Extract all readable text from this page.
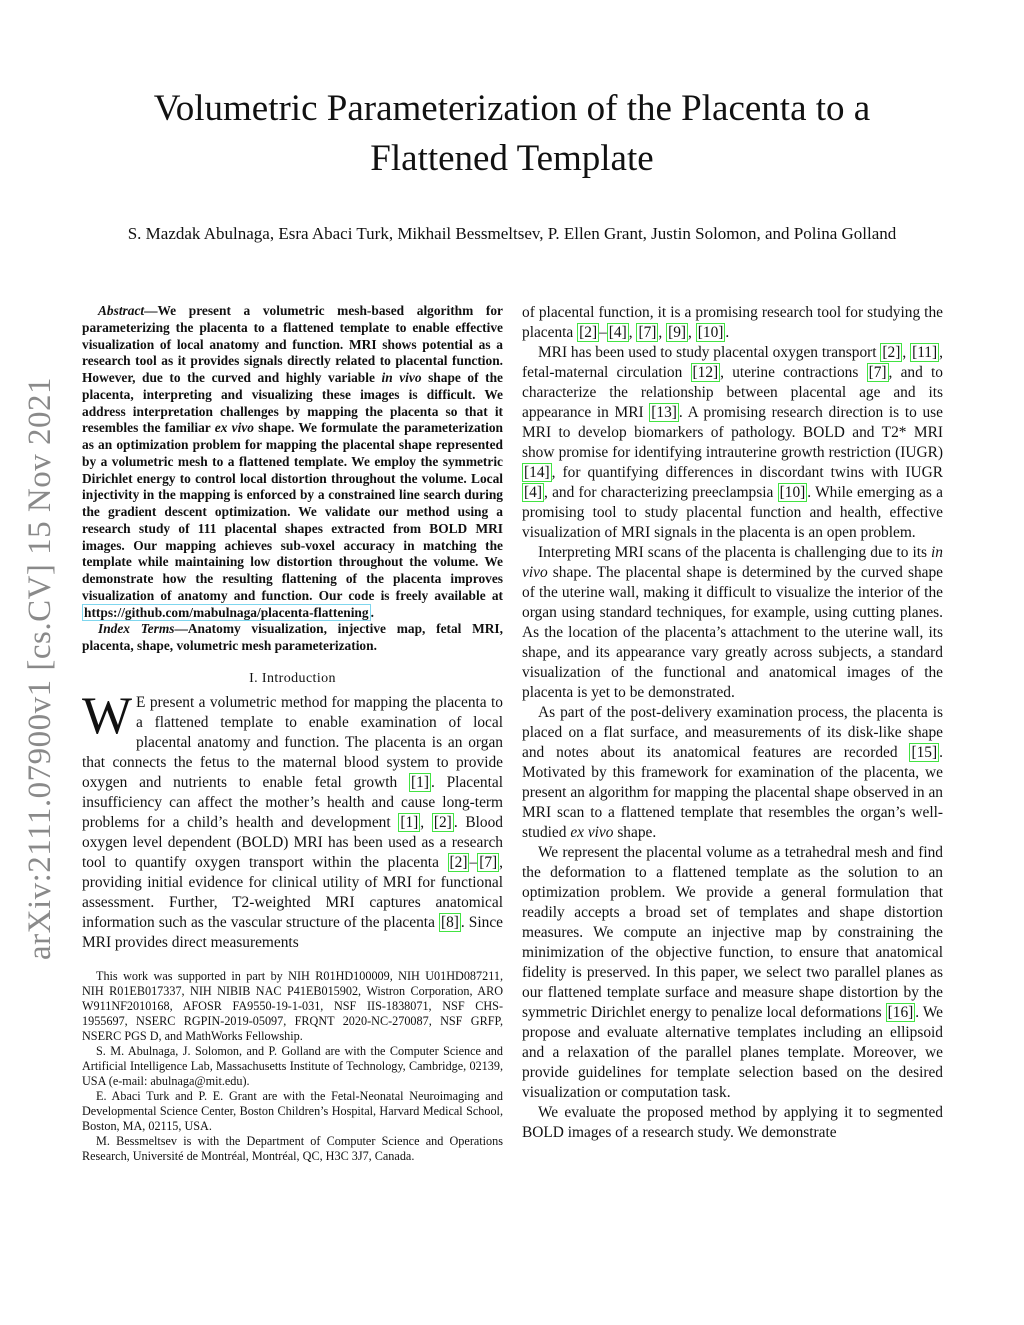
arXiv:2111.07900v1 [cs.CV] 15 Nov 2021
Volumetric Parameterization of the Placenta to a
Flattened Template
S. Mazdak Abulnaga, Esra Abaci Turk, Mikhail Bessmeltsev, P. Ellen Grant, Justin Solomon, and Polina Golland

Abstract—We present a volumetric mesh-based algorithm for parameterizing the placenta to a flattened template to enable effective visualization of local anatomy and function. MRI shows potential as a research tool as it provides signals directly related to placental function. However, due to the curved and highly variable in vivo shape of the placenta, interpreting and visualizing these images is difficult. We address interpretation challenges by mapping the placenta so that it resembles the familiar ex vivo shape. We formulate the parameterization as an optimization problem for mapping the placental shape represented by a volumetric mesh to a flattened template. We employ the symmetric Dirichlet energy to control local distortion throughout the volume. Local injectivity in the mapping is enforced by a constrained line search during the gradient descent optimization. We validate our method using a research study of 111 placental shapes extracted from BOLD MRI images. Our mapping achieves sub-voxel accuracy in matching the template while maintaining low distortion throughout the volume. We demonstrate how the resulting flattening of the placenta improves visualization of anatomy and function. Our code is freely available at https://github.com/mabulnaga/placenta-flattening .

Index Terms—Anatomy visualization, injective map, fetal MRI, placenta, shape, volumetric mesh parameterization.

I. Introduction

W E present a volumetric method for mapping the placenta to a flattened template to enable examination of local placental anatomy and function. The placenta is an organ that connects the fetus to the maternal blood system to provide oxygen and nutrients to enable fetal growth [1] . Placental insufficiency can affect the mother’s health and cause long-term problems for a child’s health and development [1] , [2] . Blood oxygen level dependent (BOLD) MRI has been used as a research tool to quantify oxygen transport within the placenta [2] – [7] , providing initial evidence for clinical utility of MRI for functional assessment. Further, T2-weighted MRI captures anatomical information such as the vascular structure of the placenta [8] . Since MRI provides direct measurements

This work was supported in part by NIH R01HD100009, NIH U01HD087211, NIH R01EB017337, NIH NIBIB NAC P41EB015902, Wistron Corporation, ARO W911NF2010168, AFOSR FA9550-19-1-031, NSF IIS-1838071, NSF CHS-1955697, NSERC RGPIN-2019-05097, FRQNT 2020-NC-270087, NSF GRFP, NSERC PGS D, and MathWorks Fellowship.

S. M. Abulnaga, J. Solomon, and P. Golland are with the Computer Science and Artificial Intelligence Lab, Massachusetts Institute of Technology, Cambridge, 02139, USA (e-mail: abulnaga@mit.edu).

E. Abaci Turk and P. E. Grant are with the Fetal-Neonatal Neuroimaging and Developmental Science Center, Boston Children’s Hospital, Harvard Medical School, Boston, MA, 02115, USA.

M. Bessmeltsev is with the Department of Computer Science and Operations Research, Université de Montréal, Montréal, QC, H3C 3J7, Canada.

of placental function, it is a promising research tool for studying the placenta [2] – [4] , [7] , [9] , [10] .

MRI has been used to study placental oxygen transport [2] , [11] , fetal-maternal circulation [12] , uterine contractions [7] , and to characterize the relationship between placental age and its appearance in MRI [13] . A promising research direction is to use MRI to develop biomarkers of pathology. BOLD and T2* MRI show promise for identifying intrauterine growth restriction (IUGR) [14] , for quantifying differences in discordant twins with IUGR [4] , and for characterizing preeclampsia [10] . While emerging as a promising tool to study placental function and health, effective visualization of MRI signals in the placenta is an open problem.

Interpreting MRI scans of the placenta is challenging due to its in vivo shape. The placental shape is determined by the curved shape of the uterine wall, making it difficult to visualize the interior of the organ using standard techniques, for example, using cutting planes. As the location of the placenta’s attachment to the uterine wall, its shape, and its appearance vary greatly across subjects, a standard visualization of the functional and anatomical images of the placenta is yet to be demonstrated.

As part of the post-delivery examination process, the placenta is placed on a flat surface, and measurements of its disk-like shape and notes about its anatomical features are recorded [15] . Motivated by this framework for examination of the placenta, we present an algorithm for mapping the placental shape observed in an MRI scan to a flattened template that resembles the organ’s well-studied ex vivo shape.

We represent the placental volume as a tetrahedral mesh and find the deformation to a flattened template as the solution to an optimization problem. We provide a general formulation that readily accepts a broad set of templates and shape distortion measures. We compute an injective map by constraining the minimization of the objective function, to ensure that anatomical fidelity is preserved. In this paper, we select two parallel planes as our flattened template surface and measure shape distortion by the symmetric Dirichlet energy to penalize local deformations [16] . We propose and evaluate alternative templates including an ellipsoid and a relaxation of the parallel planes template. Moreover, we provide guidelines for template selection based on the desired visualization or computation task.

We evaluate the proposed method by applying it to segmented BOLD images of a research study. We demonstrate
